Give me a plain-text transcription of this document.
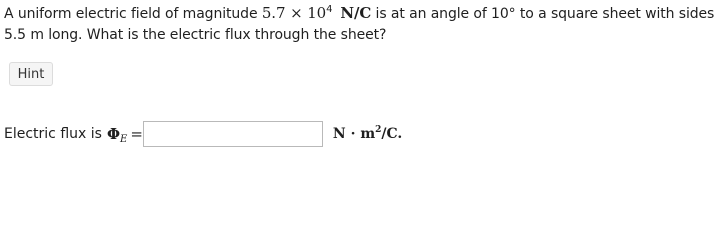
A uniform electric field of magnitude $5.7 \times 10^4$ N/C is at an angle of 10° to a square sheet with sides 5.5 m long. What is the electric flux through the sheet?
Hint
Electric flux is $\Phi_E$ =	$N \cdot m^2/C$.
